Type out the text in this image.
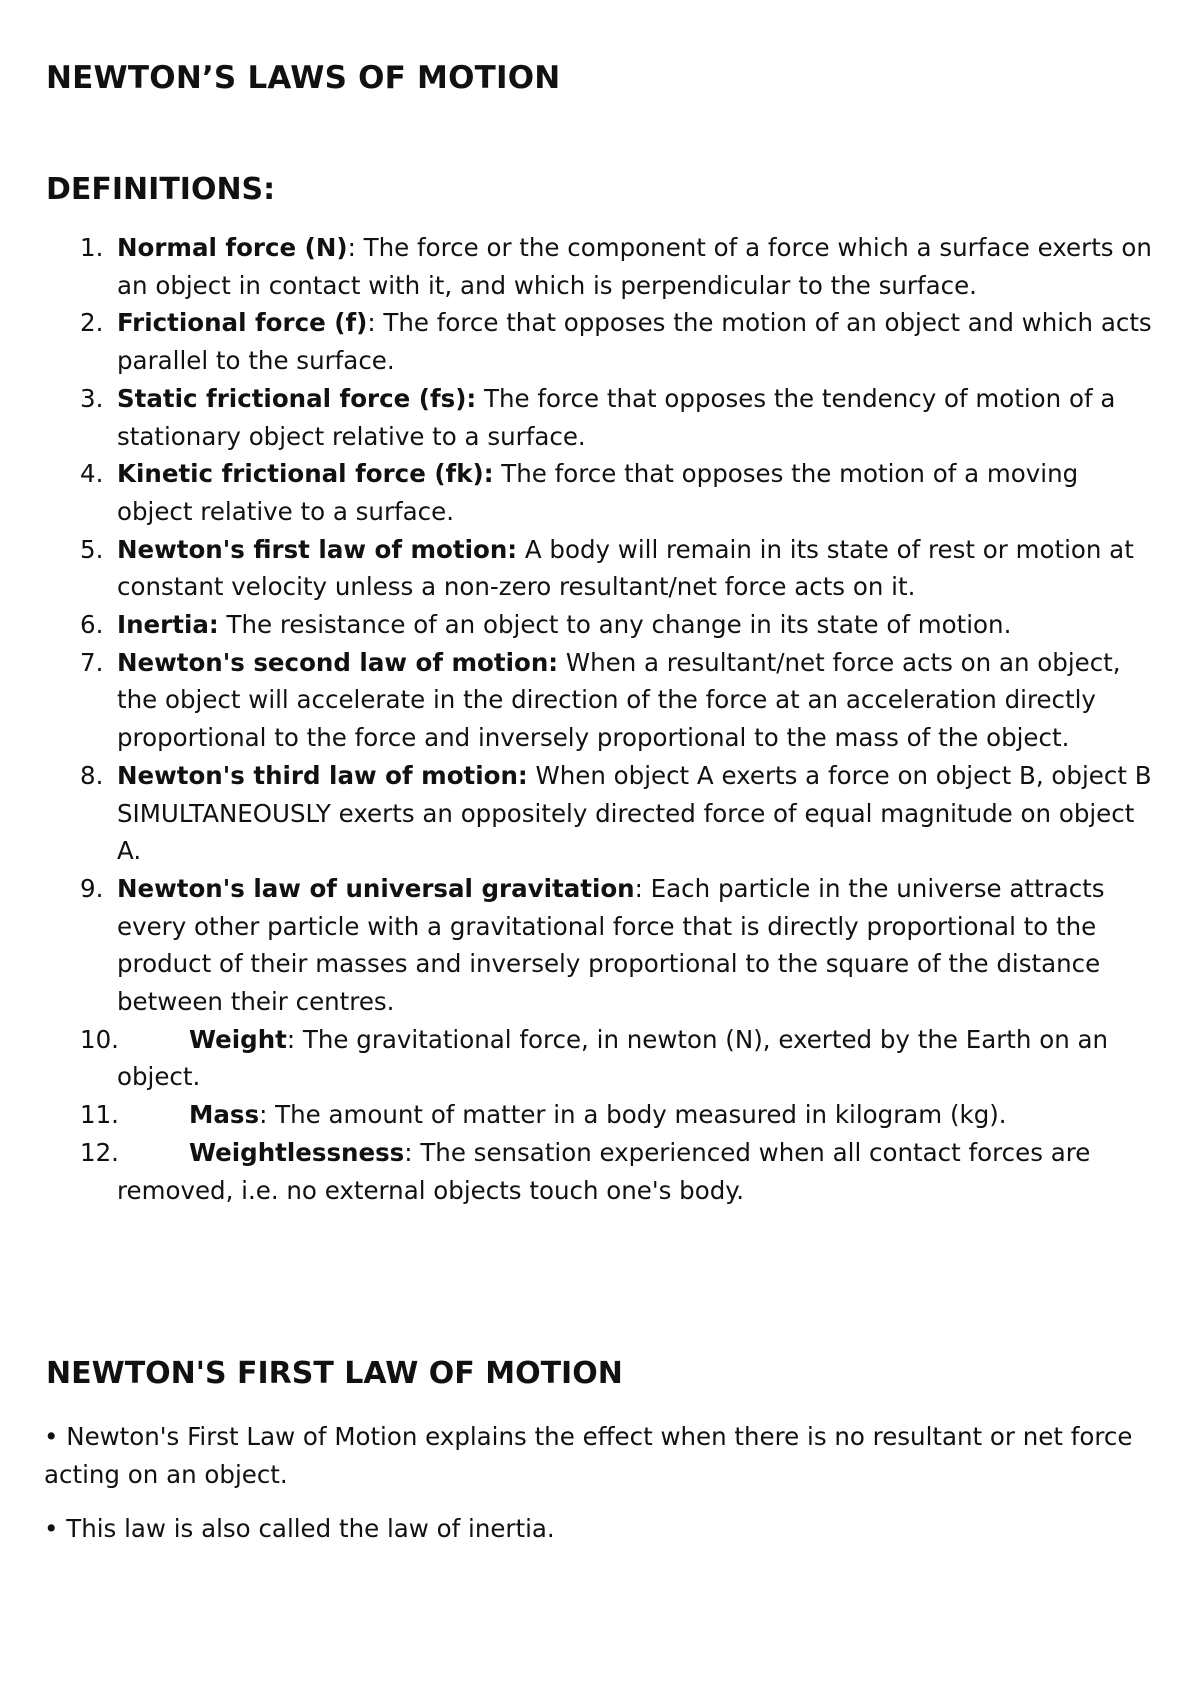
NEWTON’S LAWS OF MOTION
DEFINITIONS:
1. Normal force (N): The force or the component of a force which a surface exerts on an object in contact with it, and which is perpendicular to the surface.
2. Frictional force (f): The force that opposes the motion of an object and which acts parallel to the surface.
3. Static frictional force (fs): The force that opposes the tendency of motion of a stationary object relative to a surface.
4. Kinetic frictional force (fk): The force that opposes the motion of a moving object relative to a surface.
5. Newton's first law of motion: A body will remain in its state of rest or motion at constant velocity unless a non-zero resultant/net force acts on it.
6. Inertia: The resistance of an object to any change in its state of motion.
7. Newton's second law of motion: When a resultant/net force acts on an object, the object will accelerate in the direction of the force at an acceleration directly proportional to the force and inversely proportional to the mass of the object.
8. Newton's third law of motion: When object A exerts a force on object B, object B SIMULTANEOUSLY exerts an oppositely directed force of equal magnitude on object A.
9. Newton's law of universal gravitation: Each particle in the universe attracts every other particle with a gravitational force that is directly proportional to the product of their masses and inversely proportional to the square of the distance between their centres.
10.	Weight: The gravitational force, in newton (N), exerted by the Earth on an object.
11.	Mass: The amount of matter in a body measured in kilogram (kg).
12.	Weightlessness: The sensation experienced when all contact forces are removed, i.e. no external objects touch one's body.
NEWTON'S FIRST LAW OF MOTION
• Newton's First Law of Motion explains the effect when there is no resultant or net force acting on an object.
• This law is also called the law of inertia.
